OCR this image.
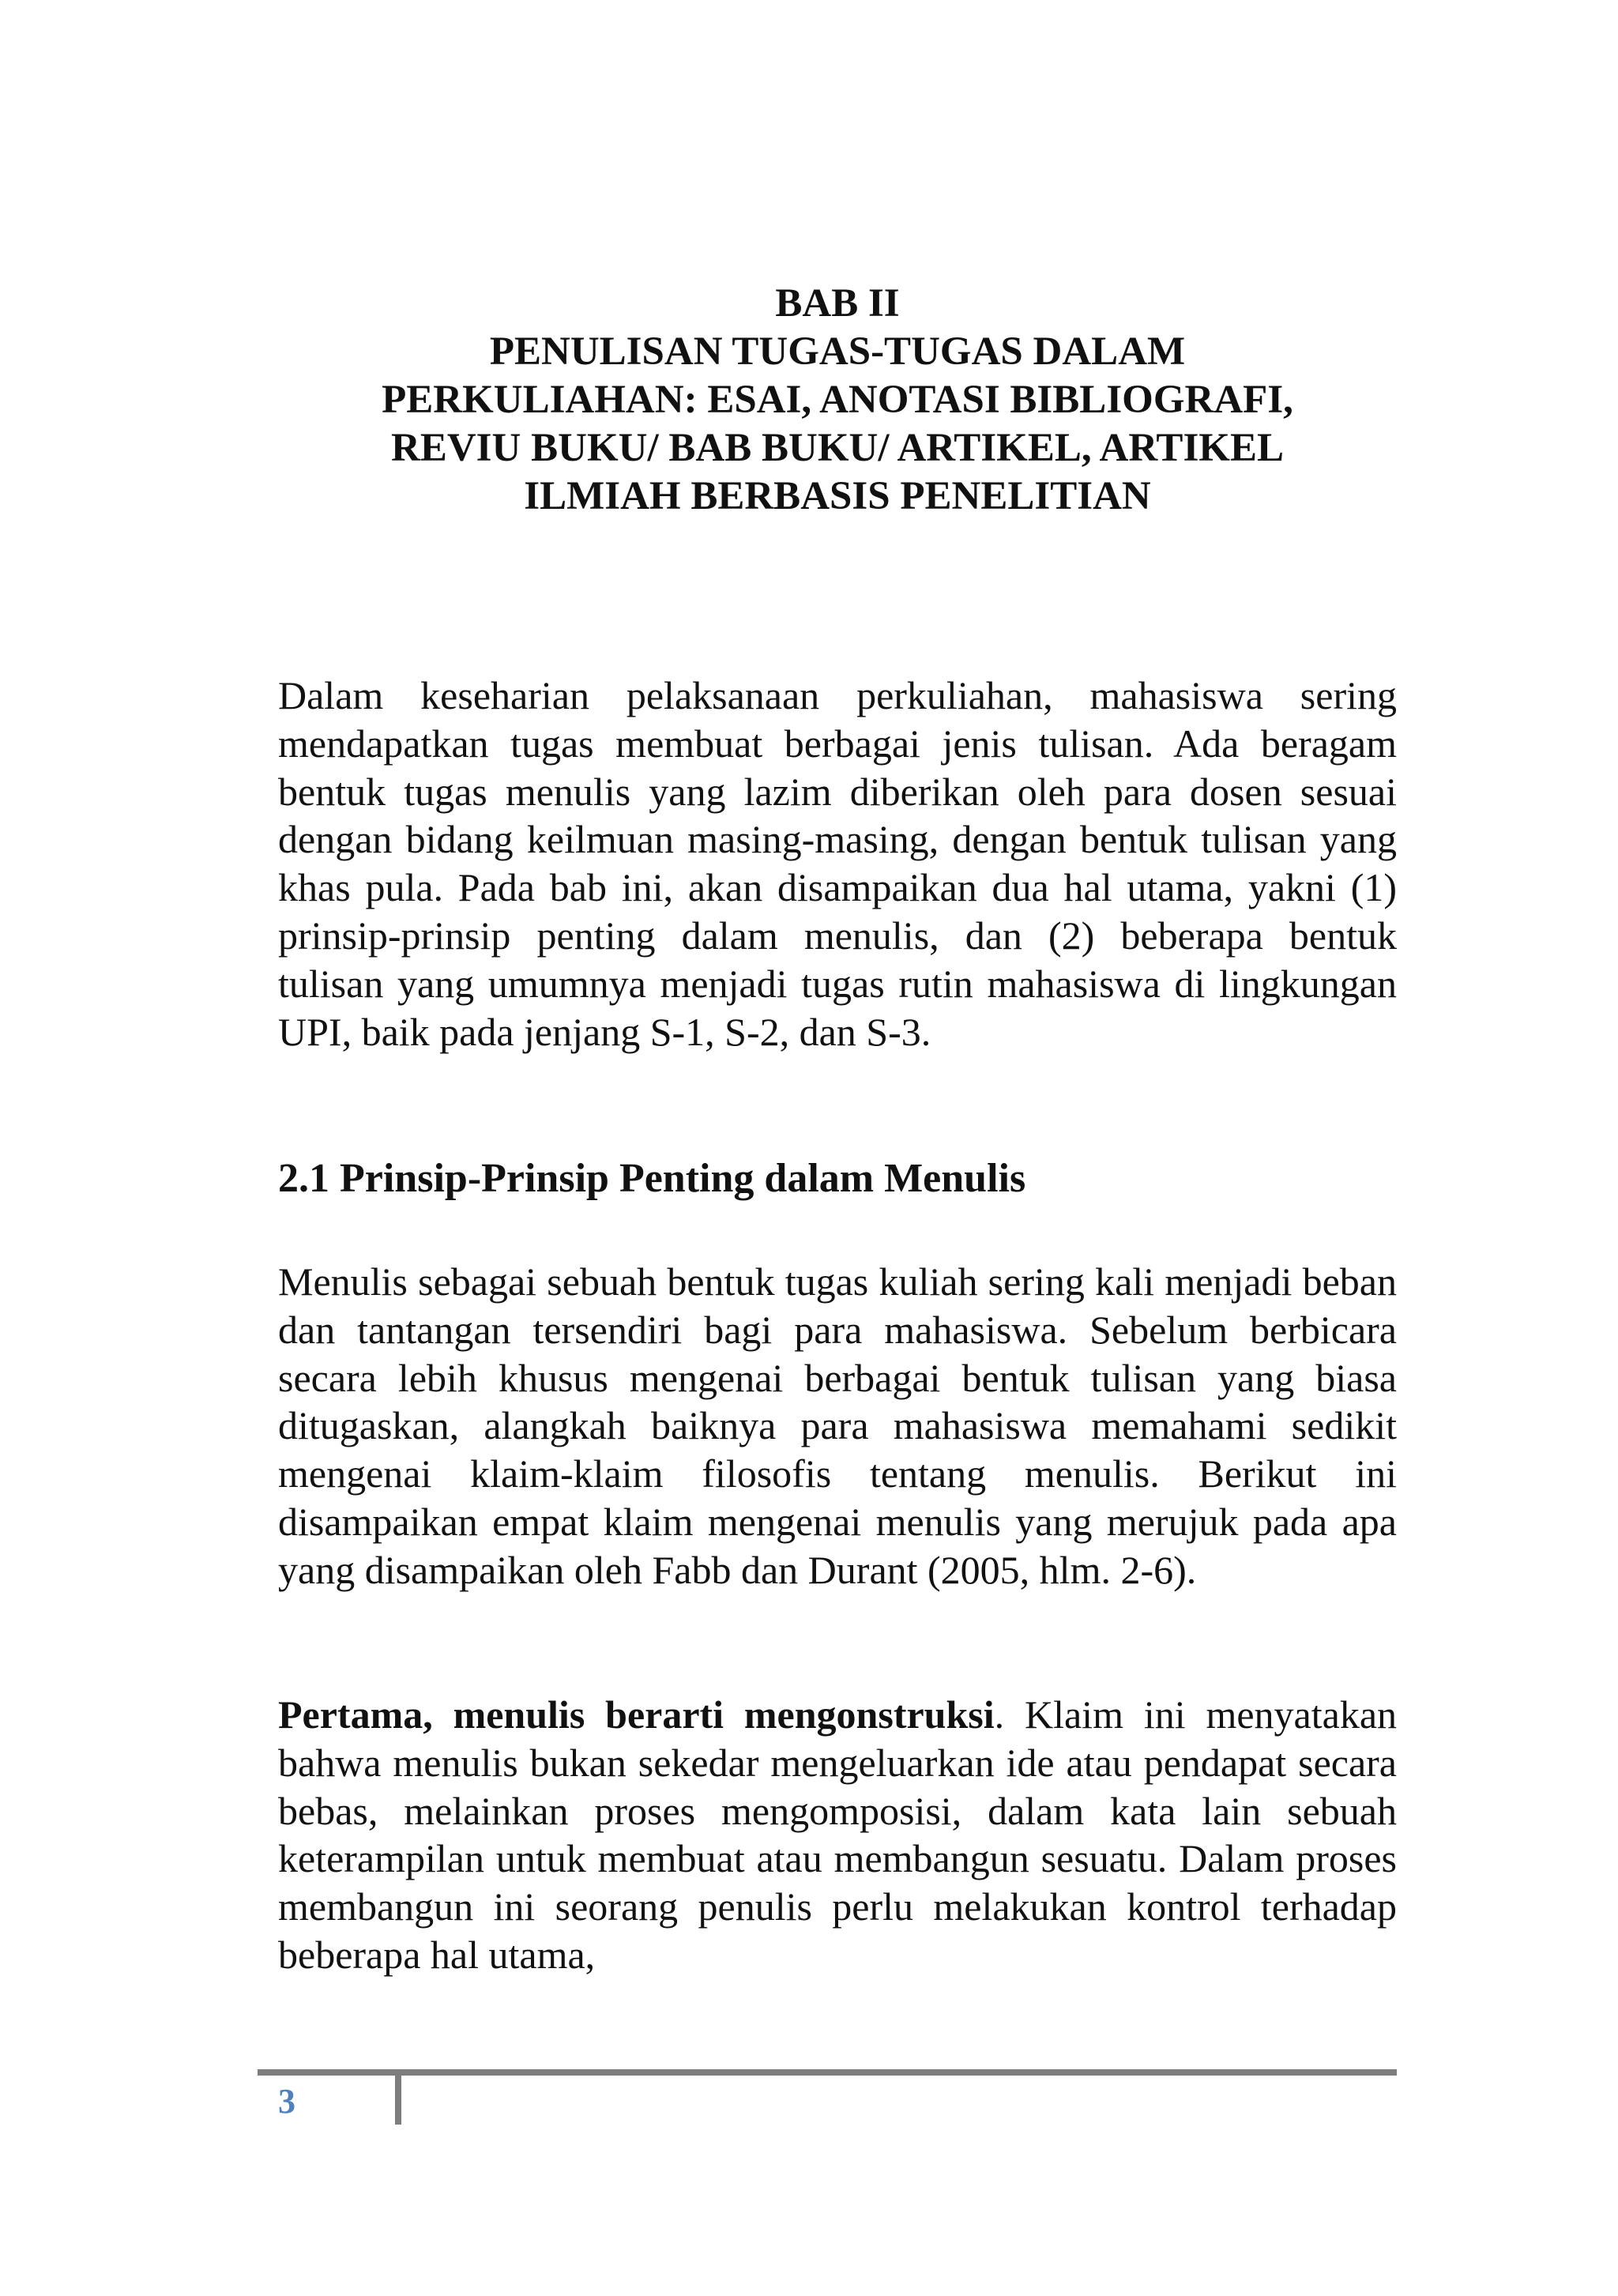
BAB II
PENULISAN TUGAS-TUGAS DALAM
PERKULIAHAN: ESAI, ANOTASI BIBLIOGRAFI,
REVIU BUKU/ BAB BUKU/ ARTIKEL, ARTIKEL
ILMIAH BERBASIS PENELITIAN

Dalam keseharian pelaksanaan perkuliahan, mahasiswa sering mendapatkan tugas membuat berbagai jenis tulisan. Ada beragam bentuk tugas menulis yang lazim diberikan oleh para dosen sesuai dengan bidang keilmuan masing-masing, dengan bentuk tulisan yang khas pula. Pada bab ini, akan disampaikan dua hal utama, yakni (1) prinsip-prinsip penting dalam menulis, dan (2) beberapa bentuk tulisan yang umumnya menjadi tugas rutin mahasiswa di lingkungan UPI, baik pada jenjang S-1, S-2, dan S-3.

2.1 Prinsip-Prinsip Penting dalam Menulis

Menulis sebagai sebuah bentuk tugas kuliah sering kali menjadi beban dan tantangan tersendiri bagi para mahasiswa. Sebelum berbicara secara lebih khusus mengenai berbagai bentuk tulisan yang biasa ditugaskan, alangkah baiknya para mahasiswa memahami sedikit mengenai klaim-klaim filosofis tentang menulis. Berikut ini disampaikan empat klaim mengenai menulis yang merujuk pada apa yang disampaikan oleh Fabb dan Durant (2005, hlm. 2-6).

Pertama, menulis berarti mengonstruksi. Klaim ini menyatakan bahwa menulis bukan sekedar mengeluarkan ide atau pendapat secara bebas, melainkan proses mengomposisi, dalam kata lain sebuah keterampilan untuk membuat atau membangun sesuatu. Dalam proses membangun ini seorang penulis perlu melakukan kontrol terhadap beberapa hal utama,

3
